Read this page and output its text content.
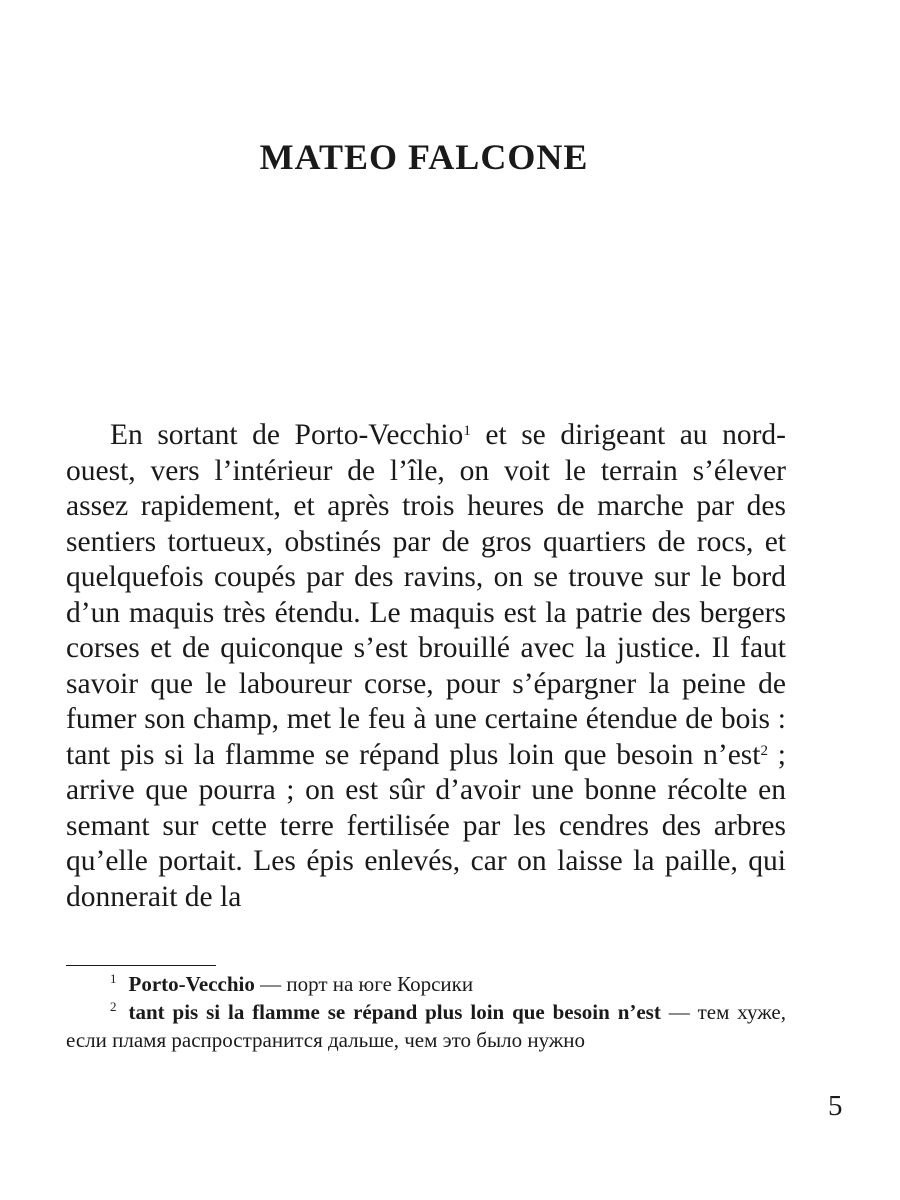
MATEO FALCONE

En sortant de Porto-Vecchio$^1$ et se dirigeant au nord-ouest, vers l’intérieur de l’île, on voit le terrain s’élever assez rapidement, et après trois heures de marche par des sentiers tortueux, obstinés par de gros quartiers de rocs, et quelquefois coupés par des ravins, on se trouve sur le bord d’un maquis très étendu. Le maquis est la patrie des bergers corses et de quiconque s’est brouillé avec la justice. Il faut savoir que le laboureur corse, pour s’épargner la peine de fumer son champ, met le feu à une certaine étendue de bois : tant pis si la flamme se répand plus loin que besoin n’est$^2$ ; arrive que pourra ; on est sûr d’avoir une bonne récolte en semant sur cette terre fertilisée par les cendres des arbres qu’elle portait. Les épis enlevés, car on laisse la paille, qui donnerait de la

$^1$ Porto-Vecchio — порт на юге Корсики

$^2$ tant pis si la flamme se répand plus loin que besoin n’est — тем хуже, если пламя распространится дальше, чем это было нужно

5
